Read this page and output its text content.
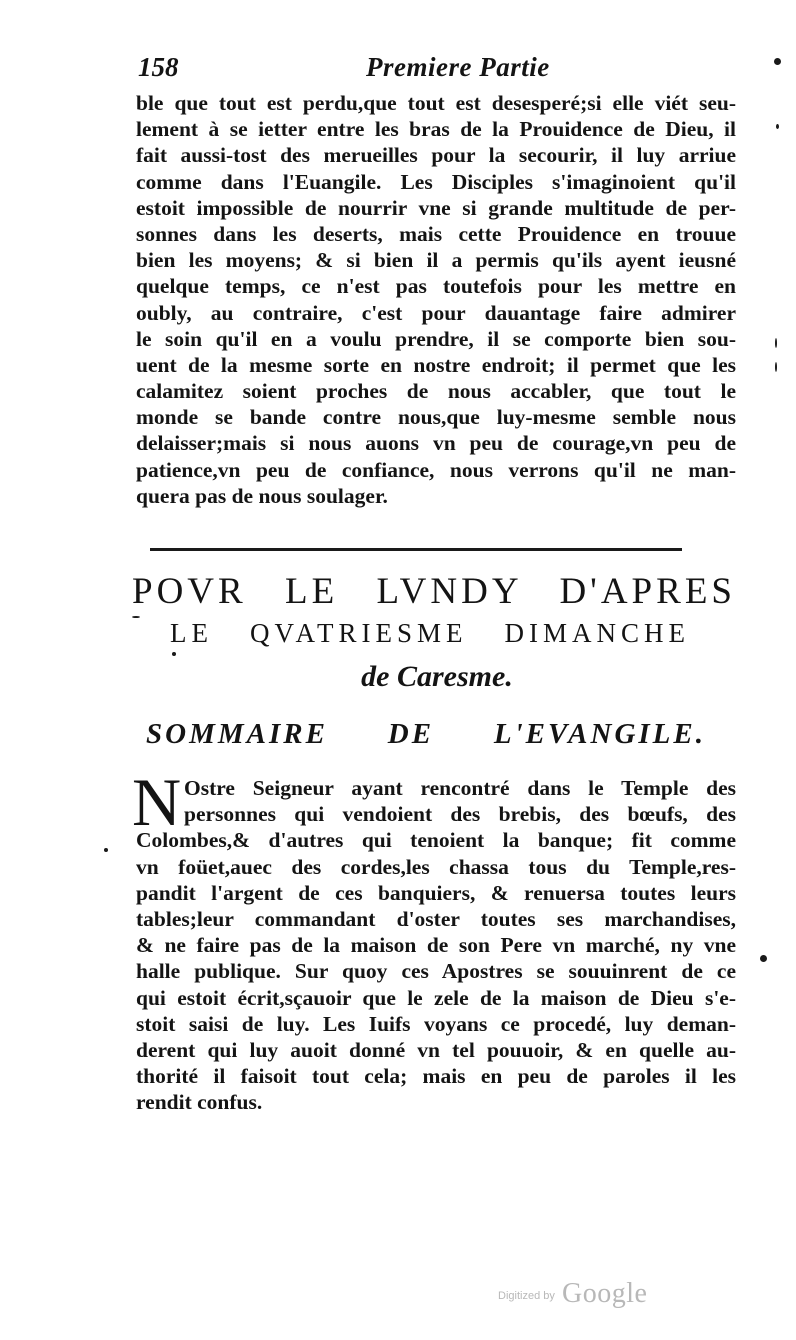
158	Premiere Partie
ble que tout est perdu,que tout est desesperé;si elle viét seu-
lement à se ietter entre les bras de la Prouidence de Dieu, il
fait aussi-tost des merueilles pour la secourir, il luy arriue
comme dans l'Euangile. Les Disciples s'imaginoient qu'il
estoit impossible de nourrir vne si grande multitude de per-
sonnes dans les deserts, mais cette Prouidence en trouue
bien les moyens; & si bien il a permis qu'ils ayent ieusné
quelque temps, ce n'est pas toutefois pour les mettre en
oubly, au contraire, c'est pour dauantage faire admirer
le soin qu'il en a voulu prendre, il se comporte bien sou-
uent de la mesme sorte en nostre endroit; il permet que les
calamitez soient proches de nous accabler, que tout le
monde se bande contre nous,que luy-mesme semble nous
delaisser;mais si nous auons vn peu de courage,vn peu de
patience,vn peu de confiance, nous verrons qu'il ne man-
quera pas de nous soulager.
POVR LE LVNDY D'APRES
LE QVATRIESME DIMANCHE
de Caresme.
SOMMAIRE DE L'EVANGILE.
N Ostre Seigneur ayant rencontré dans le Temple des
personnes qui vendoient des brebis, des bœufs, des
Colombes,& d'autres qui tenoient la banque; fit comme
vn foüet,auec des cordes,les chassa tous du Temple,res-
pandit l'argent de ces banquiers, & renuersa toutes leurs
tables;leur commandant d'oster toutes ses marchandises,
& ne faire pas de la maison de son Pere vn marché, ny vne
halle publique. Sur quoy ces Apostres se souuinrent de ce
qui estoit écrit,sçauoir que le zele de la maison de Dieu s'e-
stoit saisi de luy. Les Iuifs voyans ce procedé, luy deman-
derent qui luy auoit donné vn tel pouuoir, & en quelle au-
thorité il faisoit tout cela; mais en peu de paroles il les
rendit confus.
Digitized by Google
